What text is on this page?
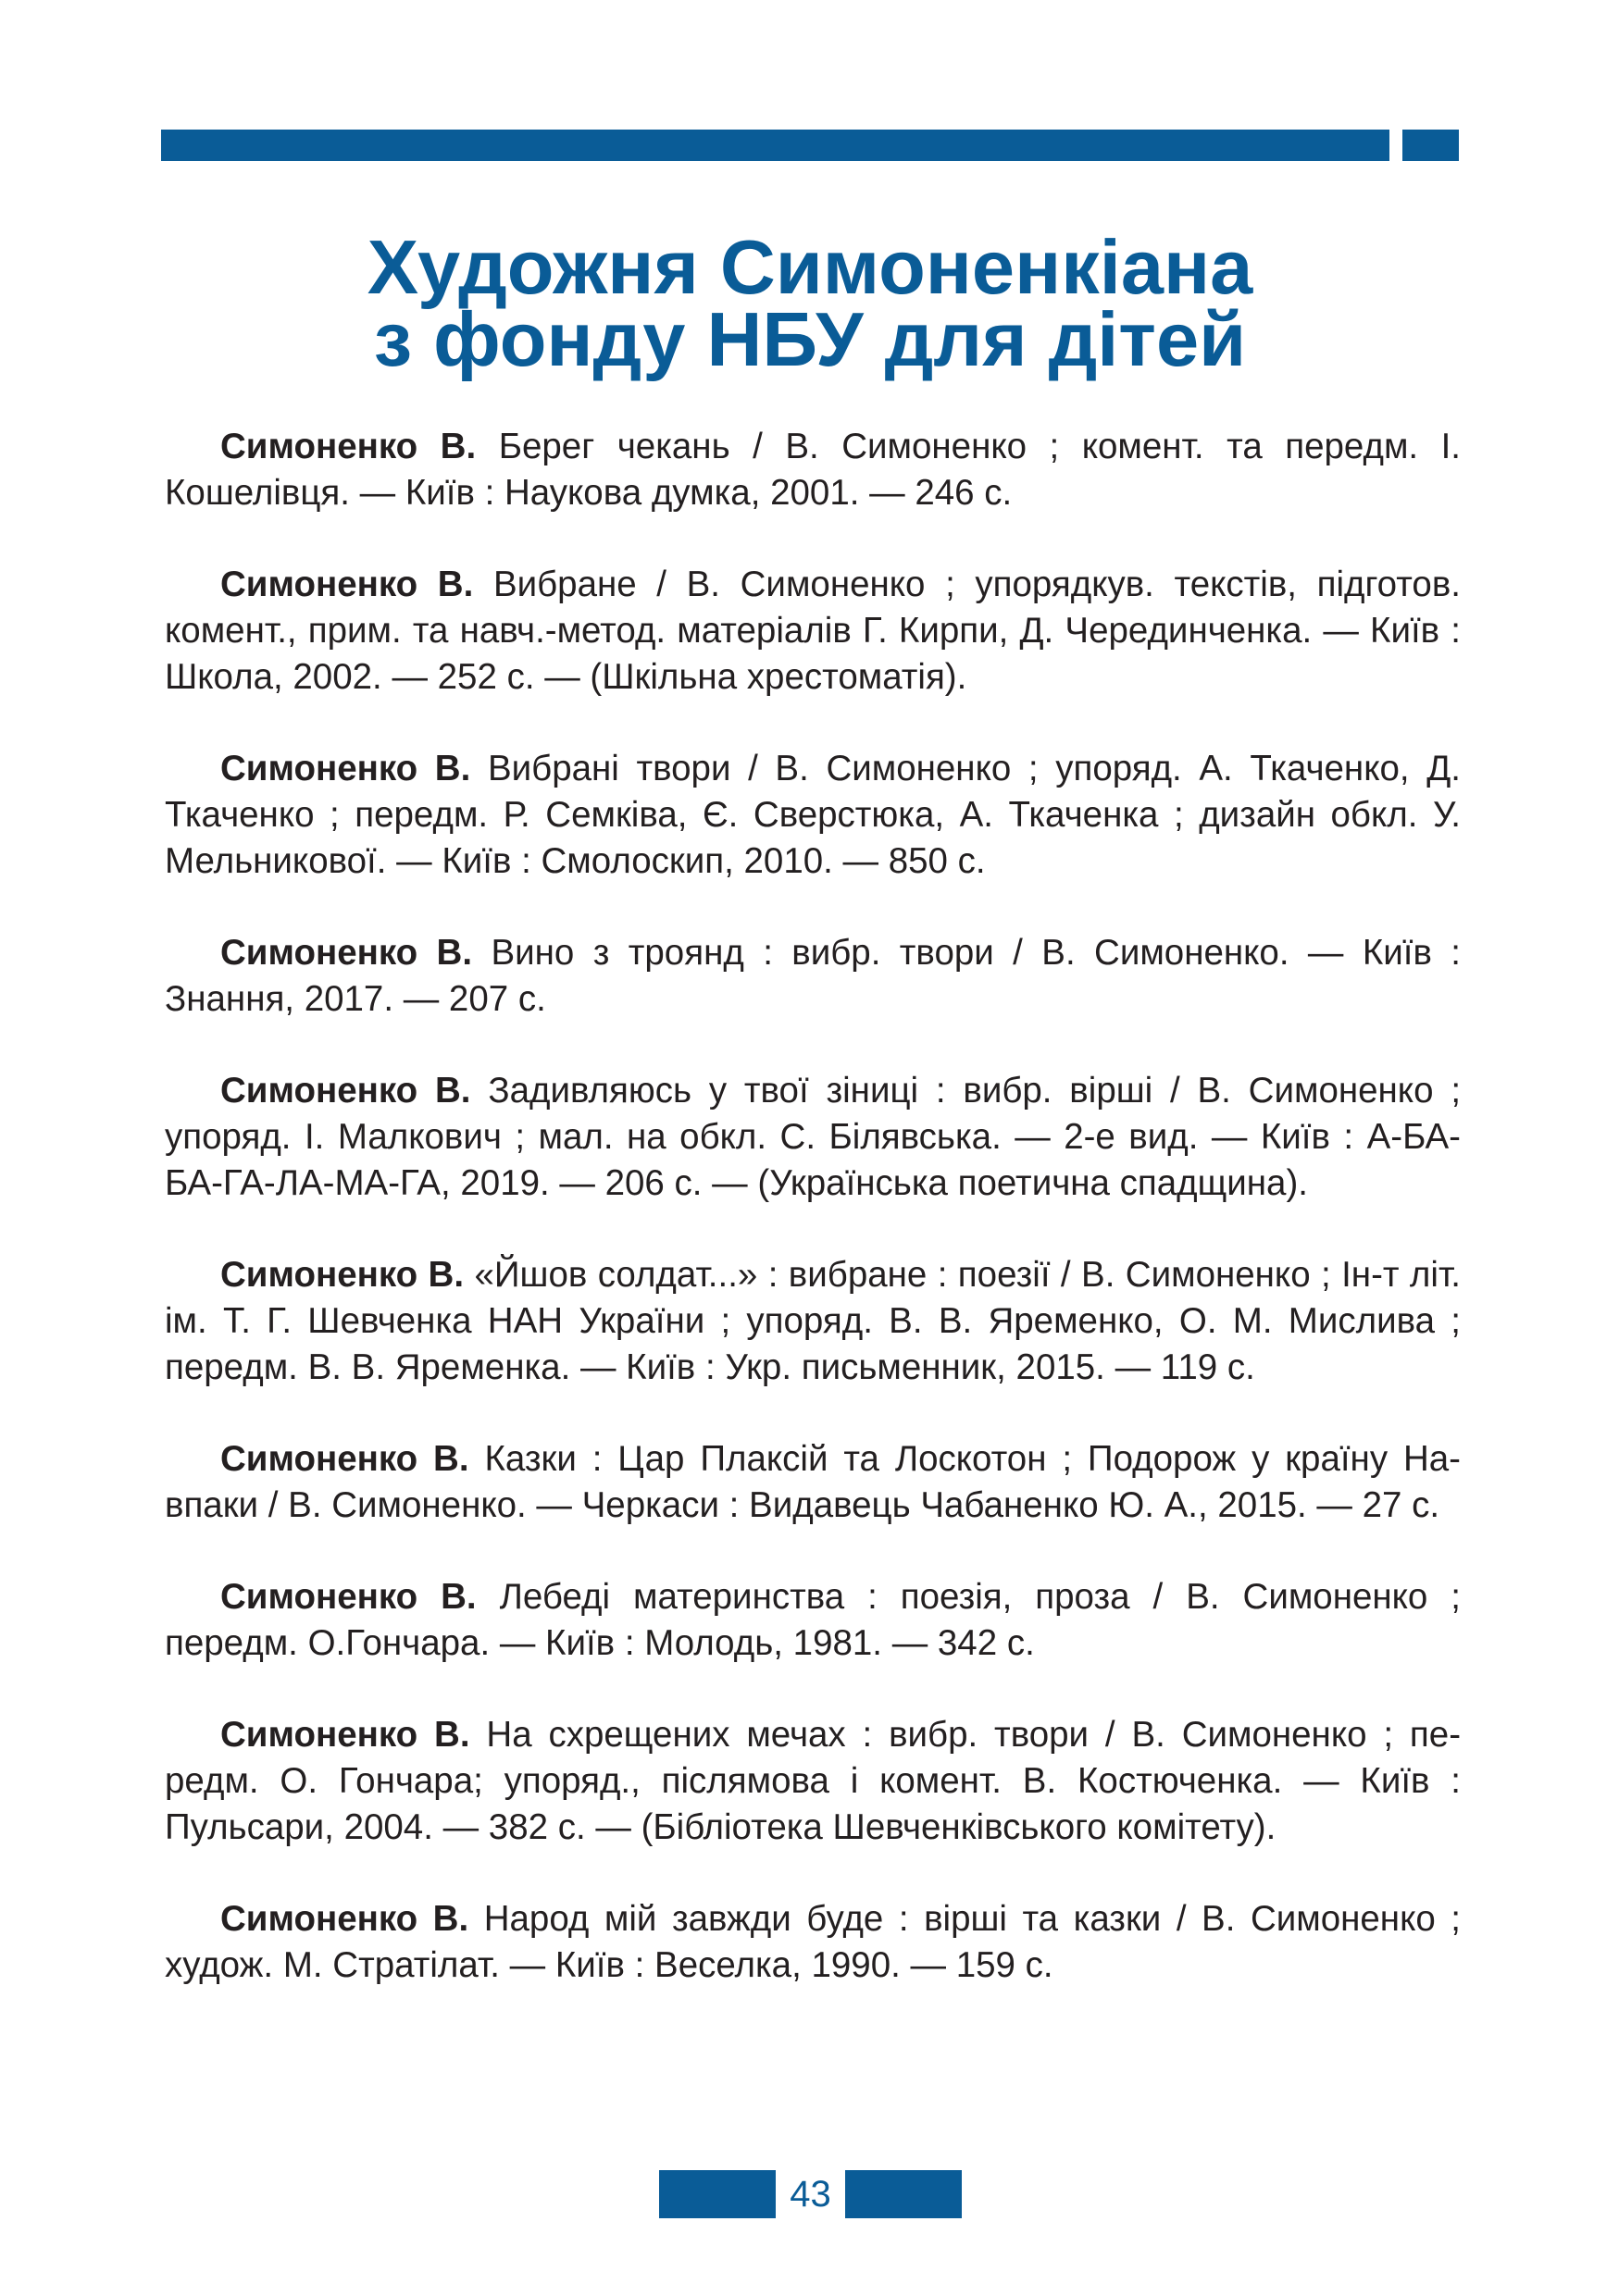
Художня Симоненкіана
з фонду НБУ для дітей

Симоненко В. Берег чекань / В. Симоненко ; комент. та передм. І. Кошелівця. — Київ : Наукова думка, 2001. — 246 с.

Симоненко В. Вибране / В. Симоненко ; упорядкув. текстів, підготов. комент., прим. та навч.-метод. матеріалів Г. Кирпи, Д. Черединченка. — Київ : Школа, 2002. — 252 с. — (Шкільна хрестоматія).

Симоненко В. Вибрані твори / В. Симоненко ; упоряд. А. Ткаченко, Д. Ткаченко ; передм. Р. Семківа, Є. Сверстюка, А. Ткаченка ; дизайн обкл. У. Мельникової. — Київ : Смолоскип, 2010. — 850 с.

Симоненко В. Вино з троянд : вибр. твори / В. Симоненко. — Київ : Знання, 2017. — 207 с.

Симоненко В. Задивляюсь у твої зіниці : вибр. вірші / В. Симоненко ; упоряд. І. Малкович ; мал. на обкл. С. Білявська. — 2-е вид. — Київ : А-БА-БА-ГА-ЛА-МА-ГА, 2019. — 206 с. — (Українська поетична спадщина).

Симоненко В. «Йшов солдат...» : вибране : поезії / В. Симоненко ; Ін-т літ. ім. Т. Г. Шевченка НАН України ; упоряд. В. В. Яременко, О. М. Мислива ; передм. В. В. Яременка. — Київ : Укр. письменник, 2015. — 119 с.

Симоненко В. Казки : Цар Плаксій та Лоскотон ; Подорож у країну Навпаки / В. Симоненко. — Черкаси : Видавець Чабаненко Ю. А., 2015. — 27 с.

Симоненко В. Лебеді материнства : поезія, проза / В. Симоненко ; передм. О.Гончара. — Київ : Молодь, 1981. — 342 с.

Симоненко В. На схрещених мечах : вибр. твори / В. Симоненко ; передм. О. Гончара; упоряд., післямова і комент. В. Костюченка. — Київ : Пульсари, 2004. — 382 с. — (Бібліотека Шевченківського комітету).

Симоненко В. Народ мій завжди буде : вірші та казки / В. Симоненко ; худож. М. Стратілат. — Київ : Веселка, 1990. — 159 с.

43
